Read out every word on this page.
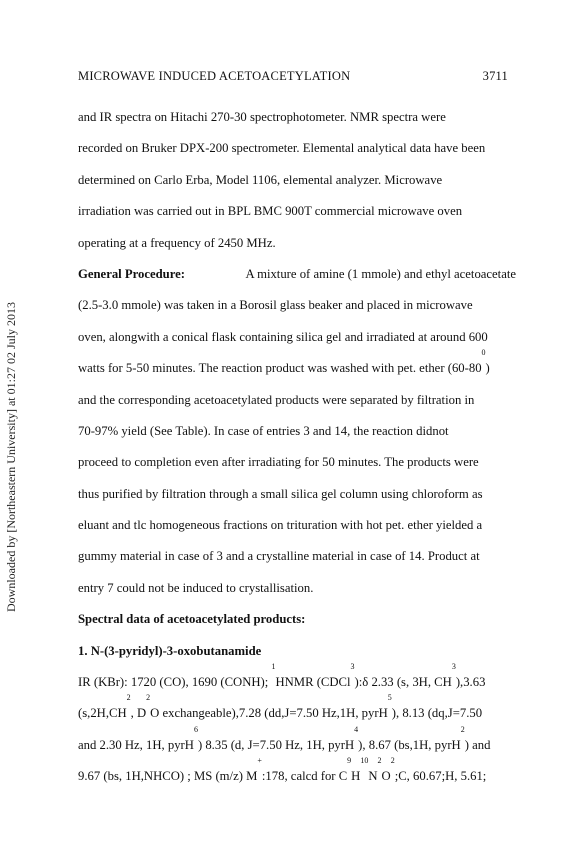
MICROWAVE INDUCED ACETOACETYLATION	3711
Downloaded by [Northeastern University] at 01:27 02 July 2013
and IR spectra on Hitachi 270-30 spectrophotometer. NMR spectra were
recorded on Bruker DPX-200 spectrometer. Elemental analytical data have been
determined on Carlo Erba, Model 1106, elemental analyzer. Microwave
irradiation was carried out in BPL BMC 900T commercial microwave oven
operating at a frequency of 2450 MHz.
General Procedure:	A mixture of amine (1 mmole) and ethyl acetoacetate
(2.5-3.0 mmole) was taken in a Borosil glass beaker and placed in microwave
oven, alongwith a conical flask containing silica gel and irradiated at around 600
watts for 5-50 minutes. The reaction product was washed with pet. ether (60-80
0
)
and the corresponding acetoacetylated products were separated by filtration in
70-97% yield (See Table). In case of entries 3 and 14, the reaction didnot
proceed to completion even after irradiating for 50 minutes. The products were
thus purified by filtration through a small silica gel column using chloroform as
eluant and tlc homogeneous fractions on trituration with hot pet. ether yielded a
gummy material in case of 3 and a crystalline material in case of 14. Product at
entry 7 could not be induced to crystallisation.
Spectral data of acetoacetylated products:
1. N-(3-pyridyl)-3-oxobutanamide
IR (KBr): 1720 (CO), 1690 (CONH);

1
HNMR (CDCl
3
):δ 2.33 (s, 3H, CH
3
),3.63
(s,2H,CH
2
, D
2
O exchangeable),7.28 (dd,J=7.50 Hz,1H, pyrH
5
), 8.13 (dq,J=7.50
and 2.30 Hz, 1H, pyrH
6
) 8.35 (d, J=7.50 Hz, 1H, pyrH
4
), 8.67 (bs,1H, pyrH
2
) and
9.67 (bs, 1H,NHCO) ; MS (m/z) M
+
:178, calcd for C
9
H
10
N
2
O
2
;C, 60.67;H, 5.61;
